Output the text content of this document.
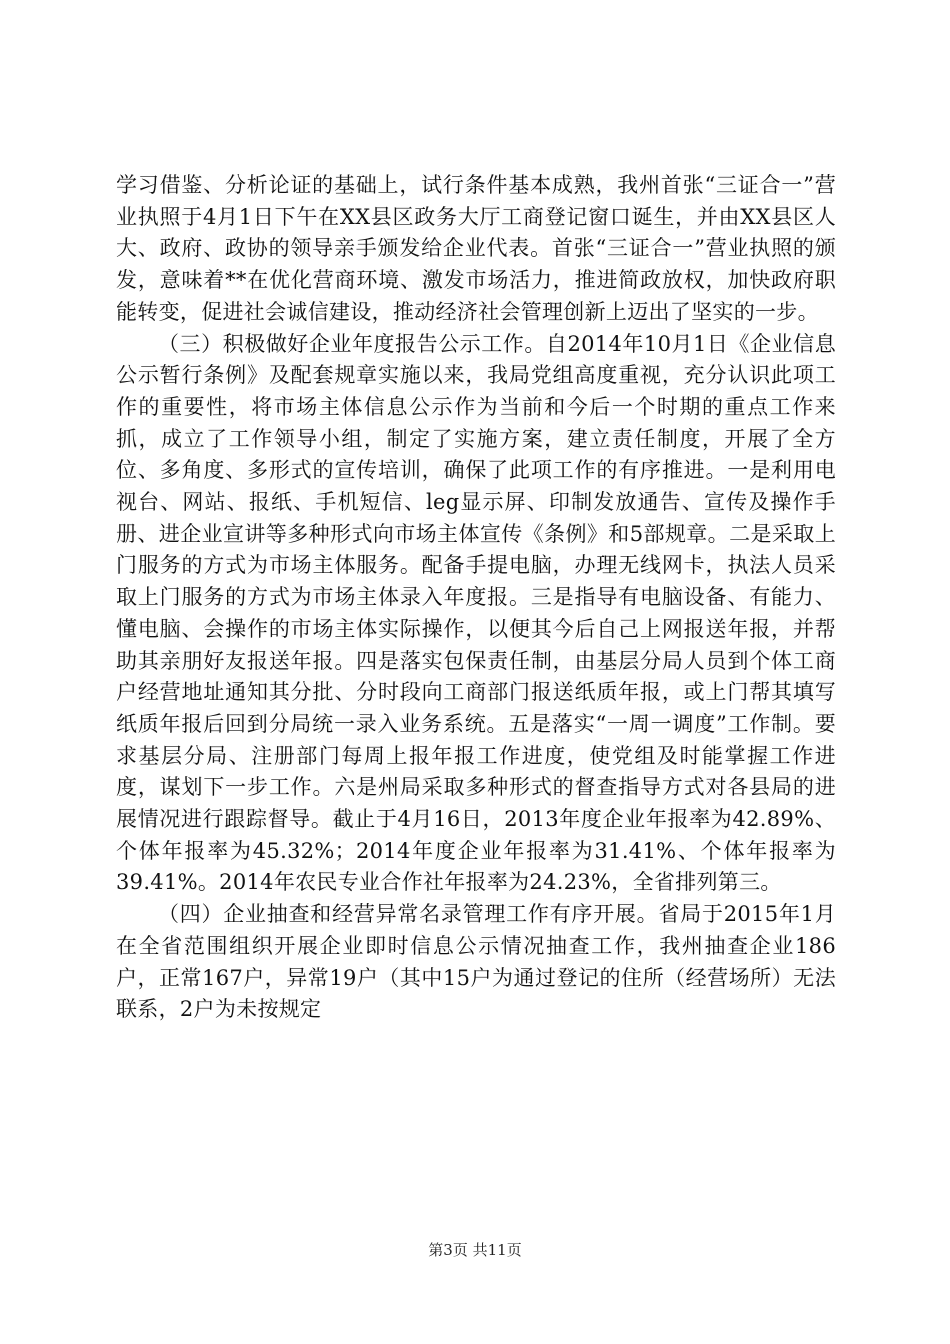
学习借鉴、分析论证的基础上，试行条件基本成熟，我州首张“三证合一”营业执照于4月1日下午在XX县区政务大厅工商登记窗口诞生，并由XX县区人大、政府、政协的领导亲手颁发给企业代表。首张“三证合一”营业执照的颁发，意味着**在优化营商环境、激发市场活力，推进简政放权，加快政府职能转变，促进社会诚信建设，推动经济社会管理创新上迈出了坚实的一步。

（三）积极做好企业年度报告公示工作。自2014年10月1日《企业信息公示暂行条例》及配套规章实施以来，我局党组高度重视，充分认识此项工作的重要性，将市场主体信息公示作为当前和今后一个时期的重点工作来抓，成立了工作领导小组，制定了实施方案，建立责任制度，开展了全方位、多角度、多形式的宣传培训，确保了此项工作的有序推进。一是利用电视台、网站、报纸、手机短信、leg显示屏、印制发放通告、宣传及操作手册、进企业宣讲等多种形式向市场主体宣传《条例》和5部规章。二是采取上门服务的方式为市场主体服务。配备手提电脑，办理无线网卡，执法人员采取上门服务的方式为市场主体录入年度报。三是指导有电脑设备、有能力、懂电脑、会操作的市场主体实际操作，以便其今后自己上网报送年报，并帮助其亲朋好友报送年报。四是落实包保责任制，由基层分局人员到个体工商户经营地址通知其分批、分时段向工商部门报送纸质年报，或上门帮其填写纸质年报后回到分局统一录入业务系统。五是落实“一周一调度”工作制。要求基层分局、注册部门每周上报年报工作进度，使党组及时能掌握工作进度，谋划下一步工作。六是州局采取多种形式的督查指导方式对各县局的进展情况进行跟踪督导。截止于4月16日，2013年度企业年报率为42.89%、个体年报率为45.32%；2014年度企业年报率为31.41%、个体年报率为39.41%。2014年农民专业合作社年报率为24.23%，全省排列第三。

（四）企业抽查和经营异常名录管理工作有序开展。省局于2015年1月在全省范围组织开展企业即时信息公示情况抽查工作，我州抽查企业186户，正常167户，异常19户（其中15户为通过登记的住所（经营场所）无法联系，2户为未按规定

第3页 共11页
